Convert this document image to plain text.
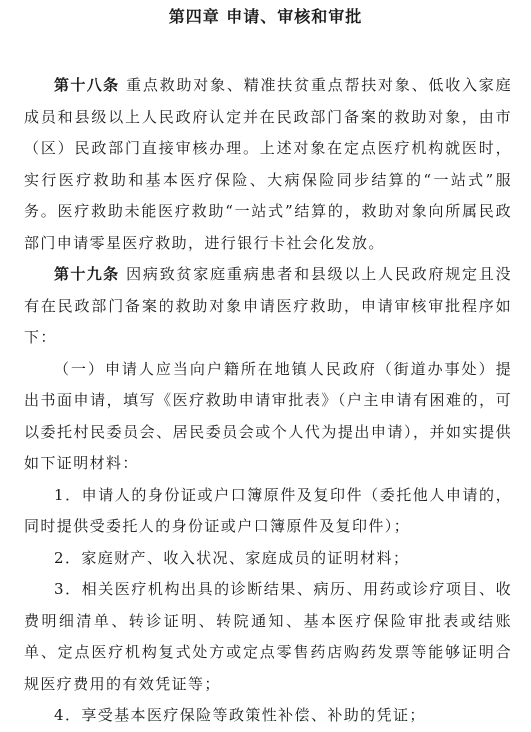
第四章 申请、审核和审批

第十八条 重点救助对象、精准扶贫重点帮扶对象、低收入家庭成员和县级以上人民政府认定并在民政部门备案的救助对象，由市（区）民政部门直接审核办理。上述对象在定点医疗机构就医时，实行医疗救助和基本医疗保险、大病保险同步结算的“一站式”服务。医疗救助未能医疗救助“一站式”结算的，救助对象向所属民政部门申请零星医疗救助，进行银行卡社会化发放。

第十九条 因病致贫家庭重病患者和县级以上人民政府规定且没有在民政部门备案的救助对象申请医疗救助，申请审核审批程序如下：

（一）申请人应当向户籍所在地镇人民政府（街道办事处）提出书面申请，填写《医疗救助申请审批表》（户主申请有困难的，可以委托村民委员会、居民委员会或个人代为提出申请），并如实提供如下证明材料：

1．申请人的身份证或户口簿原件及复印件（委托他人申请的，同时提供受委托人的身份证或户口簿原件及复印件）；

2．家庭财产、收入状况、家庭成员的证明材料；

3．相关医疗机构出具的诊断结果、病历、用药或诊疗项目、收费明细清单、转诊证明、转院通知、基本医疗保险审批表或结账单、定点医疗机构复式处方或定点零售药店购药发票等能够证明合规医疗费用的有效凭证等；

4．享受基本医疗保险等政策性补偿、补助的凭证；
